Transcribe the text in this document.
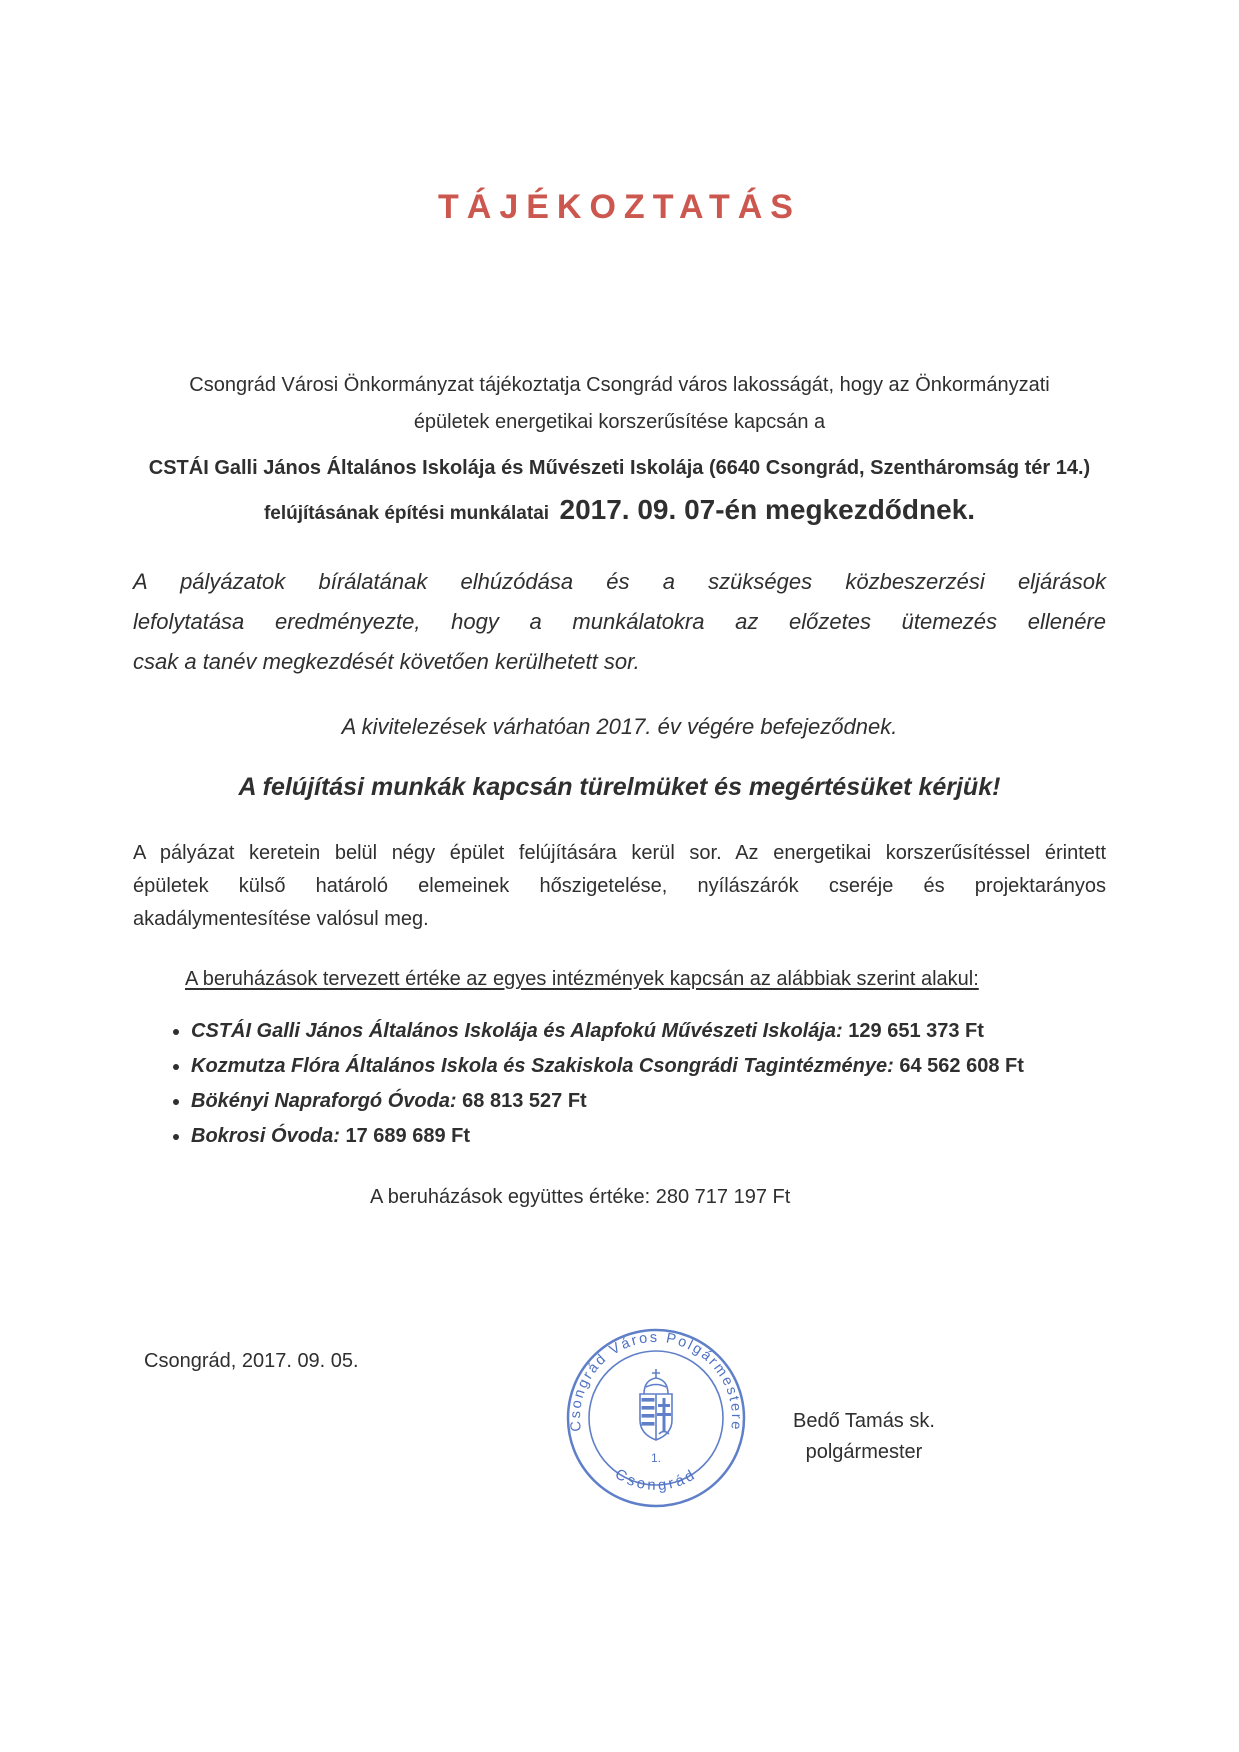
TÁJÉKOZTATÁS

Csongrád Városi Önkormányzat tájékoztatja Csongrád város lakosságát, hogy az Önkormányzati
épületek energetikai korszerűsítése kapcsán a

CSTÁI Galli János Általános Iskolája és Művészeti Iskolája (6640 Csongrád, Szentháromság tér 14.)

felújításának építési munkálatai 2017. 09. 07-én megkezdődnek.

A pályázatok bírálatának elhúzódása és a szükséges közbeszerzési eljárások
lefolytatása eredményezte, hogy a munkálatokra az előzetes ütemezés ellenére
csak a tanév megkezdését követően kerülhetett sor.

A kivitelezések várhatóan 2017. év végére befejeződnek.

A felújítási munkák kapcsán türelmüket és megértésüket kérjük!

A pályázat keretein belül négy épület felújítására kerül sor. Az energetikai korszerűsítéssel érintett
épületek külső határoló elemeinek hőszigetelése, nyílászárók cseréje és projektarányos
akadálymentesítése valósul meg.

A beruházások tervezett értéke az egyes intézmények kapcsán az alábbiak szerint alakul:

• CSTÁI Galli János Általános Iskolája és Alapfokú Művészeti Iskolája: 129 651 373 Ft
• Kozmutza Flóra Általános Iskola és Szakiskola Csongrádi Tagintézménye: 64 562 608 Ft
• Bökényi Napraforgó Óvoda: 68 813 527 Ft
• Bokrosi Óvoda: 17 689 689 Ft

A beruházások együttes értéke: 280 717 197 Ft

Csongrád, 2017. 09. 05.
Csongrád Város Polgármestere
Csongrád
1.
Bedő Tamás sk.
polgármester
